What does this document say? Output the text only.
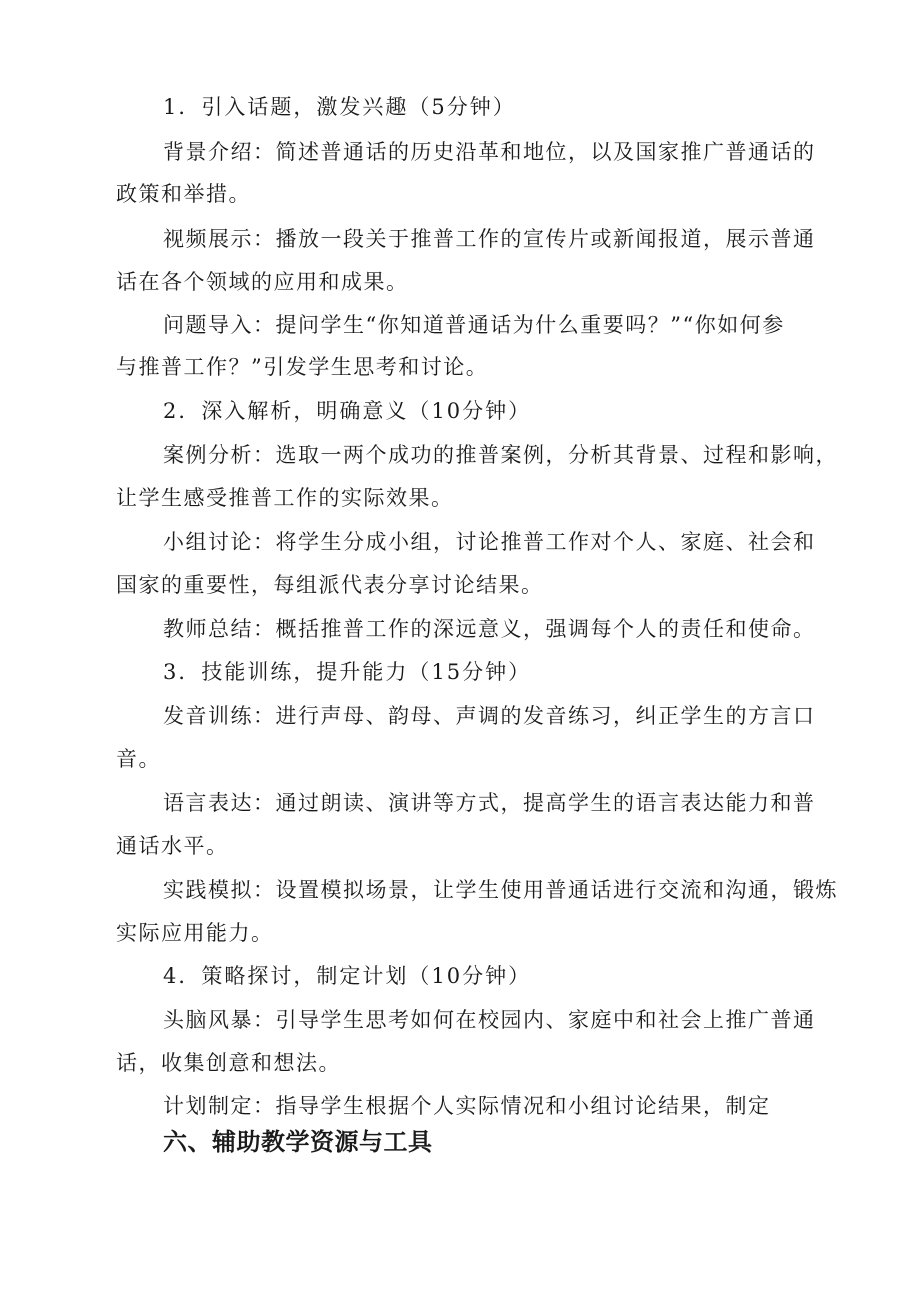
1．引入话题，激发兴趣（5分钟）
背景介绍：简述普通话的历史沿革和地位，以及国家推广普通话的
政策和举措。
视频展示：播放一段关于推普工作的宣传片或新闻报道，展示普通
话在各个领域的应用和成果。
问题导入：提问学生“你知道普通话为什么重要吗？”“你如何参
与推普工作？”引发学生思考和讨论。
2．深入解析，明确意义（10分钟）
案例分析：选取一两个成功的推普案例，分析其背景、过程和影响，
让学生感受推普工作的实际效果。
小组讨论：将学生分成小组，讨论推普工作对个人、家庭、社会和
国家的重要性，每组派代表分享讨论结果。
教师总结：概括推普工作的深远意义，强调每个人的责任和使命。
3．技能训练，提升能力（15分钟）
发音训练：进行声母、韵母、声调的发音练习，纠正学生的方言口
音。
语言表达：通过朗读、演讲等方式，提高学生的语言表达能力和普
通话水平。
实践模拟：设置模拟场景，让学生使用普通话进行交流和沟通，锻炼
实际应用能力。
4．策略探讨，制定计划（10分钟）
头脑风暴：引导学生思考如何在校园内、家庭中和社会上推广普通
话，收集创意和想法。
计划制定：指导学生根据个人实际情况和小组讨论结果，制定
六、辅助教学资源与工具
